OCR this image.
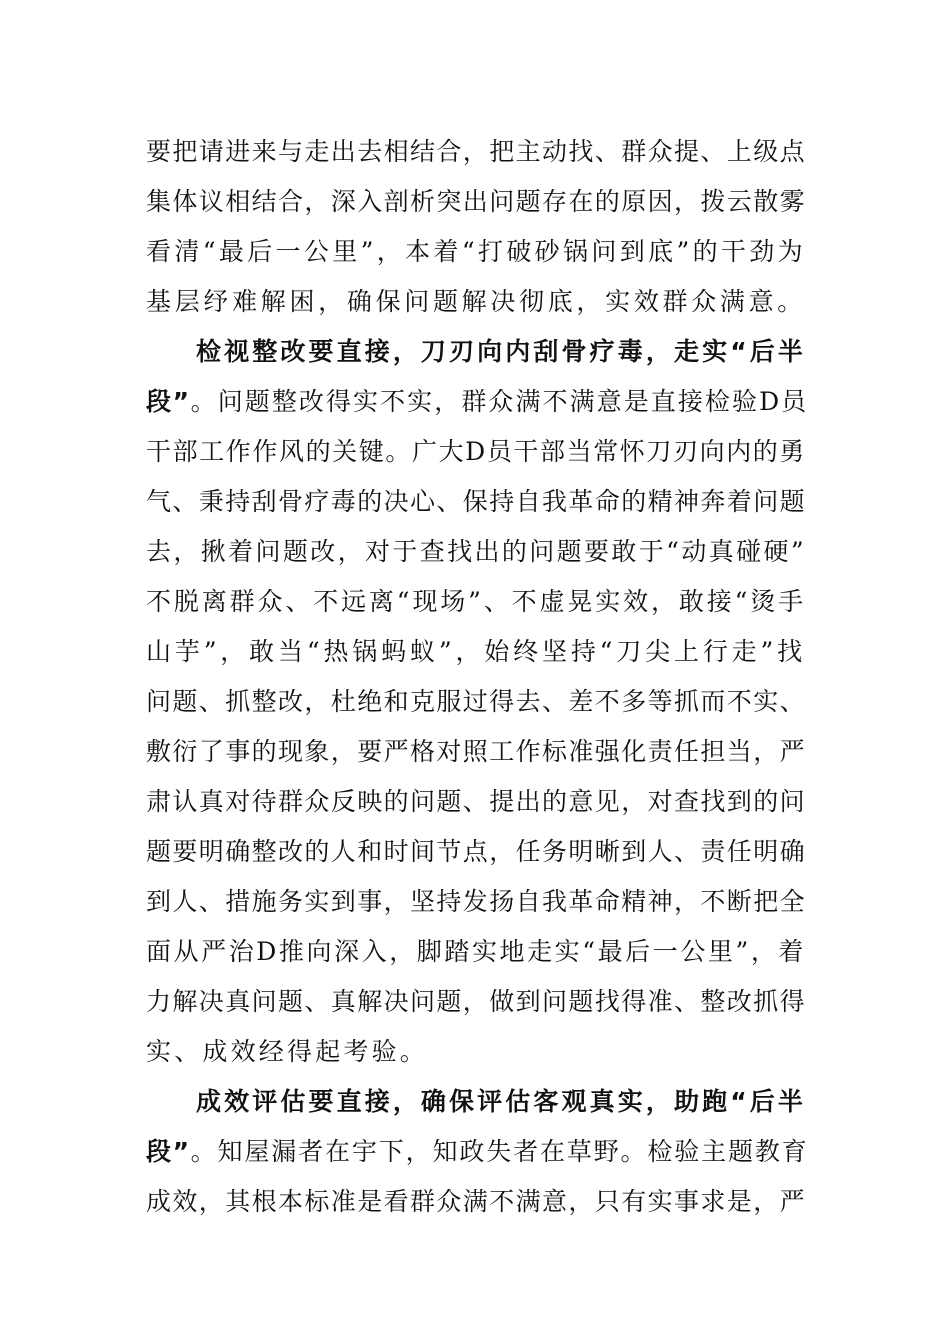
要把请进来与走出去相结合，把主动找、群众提、上级点
集体议相结合，深入剖析突出问题存在的原因，拨云散雾
看清“最后一公里”，本着“打破砂锅问到底”的干劲为
基层纾难解困，确保问题解决彻底，实效群众满意。
检视整改要直接，刀刃向内刮骨疗毒，走实“后半
段”。问题整改得实不实，群众满不满意是直接检验D员
干部工作作风的关键。广大D员干部当常怀刀刃向内的勇
气、秉持刮骨疗毒的决心、保持自我革命的精神奔着问题
去，揪着问题改，对于查找出的问题要敢于“动真碰硬”
不脱离群众、不远离“现场”、不虚晃实效，敢接“烫手
山芋”，敢当“热锅蚂蚁”，始终坚持“刀尖上行走”找
问题、抓整改，杜绝和克服过得去、差不多等抓而不实、
敷衍了事的现象，要严格对照工作标准强化责任担当，严
肃认真对待群众反映的问题、提出的意见，对查找到的问
题要明确整改的人和时间节点，任务明晰到人、责任明确
到人、措施务实到事，坚持发扬自我革命精神，不断把全
面从严治D推向深入，脚踏实地走实“最后一公里”，着
力解决真问题、真解决问题，做到问题找得准、整改抓得
实、成效经得起考验。
成效评估要直接，确保评估客观真实，助跑“后半
段”。知屋漏者在宇下，知政失者在草野。检验主题教育
成效，其根本标准是看群众满不满意，只有实事求是，严
